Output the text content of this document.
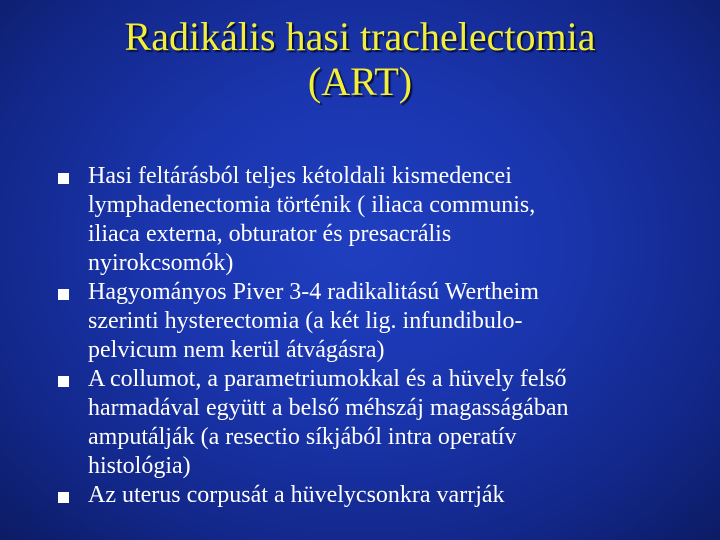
Radikális hasi trachelectomia
(ART)
Hasi feltárásból teljes kétoldali kismedencei
lymphadenectomia történik ( iliaca communis,
iliaca externa, obturator és presacrális
nyirokcsomók)
Hagyományos Piver 3-4 radikalitású Wertheim
szerinti hysterectomia (a két lig. infundibulo-
pelvicum nem kerül átvágásra)
A collumot, a parametriumokkal és a hüvely felső
harmadával együtt a belső méhszáj magasságában
amputálják (a resectio síkjából intra operatív
histológia)
Az uterus corpusát a hüvelycsonkra varrják
